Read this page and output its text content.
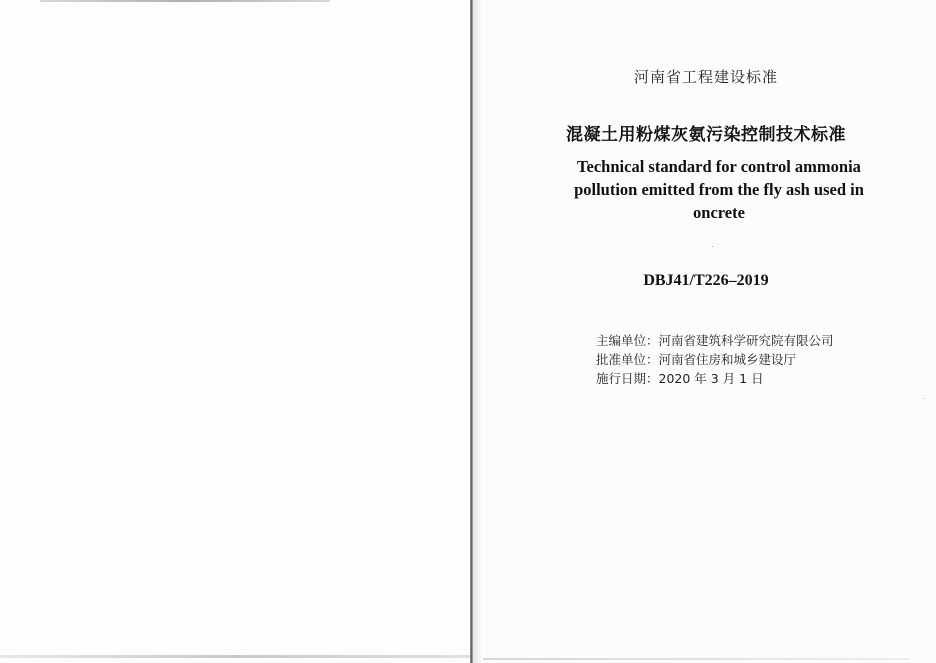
河南省工程建设标准
混凝土用粉煤灰氨污染控制技术标准
Technical standard for control ammonia
pollution emitted from the fly ash used in
oncrete
DBJ41/T226–2019
主编单位：河南省建筑科学研究院有限公司
批准单位：河南省住房和城乡建设厅
施行日期：2020 年 3 月 1 日
